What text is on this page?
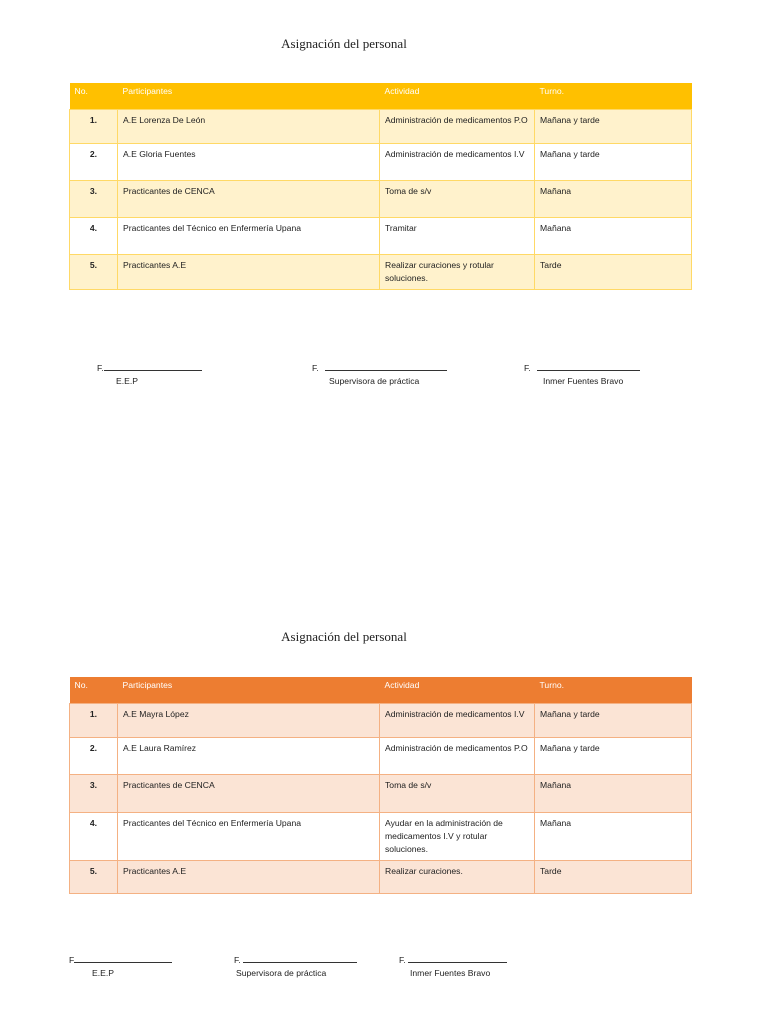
Asignación del personal
No.	Participantes	Actividad	Turno.
1.	A.E Lorenza De León	Administración de medicamentos P.O	Mañana y tarde
2.	A.E Gloria Fuentes	Administración de medicamentos I.V	Mañana y tarde
3.	Practicantes de CENCA	Toma de s/v	Mañana
4.	Practicantes del Técnico en Enfermería Upana	Tramitar	Mañana
5.	Practicantes A.E	Realizar curaciones y rotular soluciones.	Tarde
F.
E.E.P
F.
Supervisora de práctica
F.
Inmer Fuentes Bravo
Asignación del personal
No.	Participantes	Actividad	Turno.
1.	A.E Mayra López	Administración de medicamentos I.V	Mañana y tarde
2.	A.E Laura Ramírez	Administración de medicamentos P.O	Mañana y tarde
3.	Practicantes de CENCA	Toma de s/v	Mañana
4.	Practicantes del Técnico en Enfermería Upana	Ayudar en la administración de medicamentos I.V y rotular soluciones.	Mañana
5.	Practicantes A.E	Realizar curaciones.	Tarde
F
E.E.P
F.
Supervisora de práctica
F.
Inmer Fuentes Bravo
